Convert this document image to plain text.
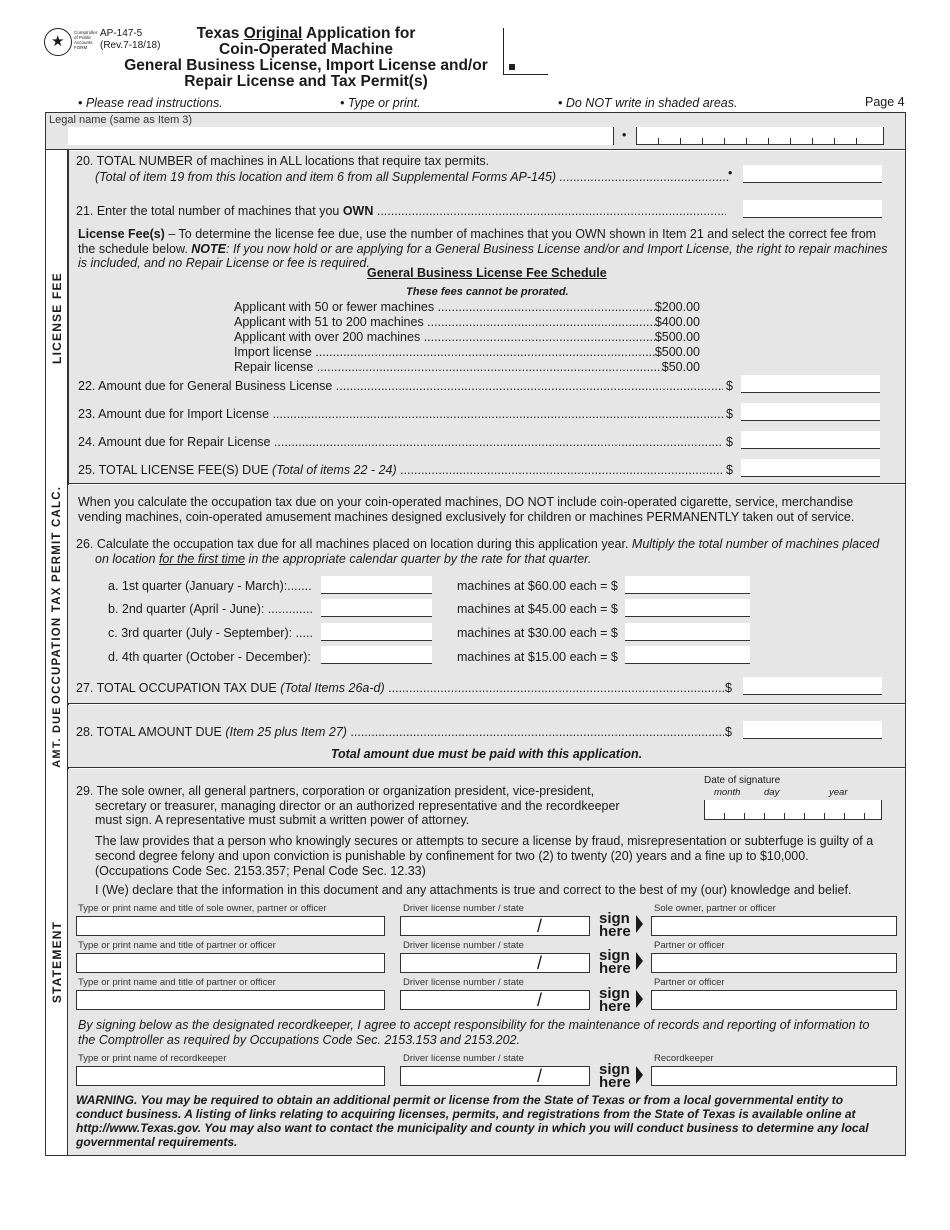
★
Comptroller of Public Accounts FORM
AP-147-5
(Rev.7-18/18)
Texas Original Application for
Coin-Operated Machine
General Business License, Import License and/or
Repair License and Tax Permit(s)
• Please read instructions.	• Type or print.	• Do NOT write in shaded areas.	Page 4
Legal name (same as Item 3)
•
LICENSE FEE
20. TOTAL NUMBER of machines in ALL locations that require tax permits.
(Total of item 19 from this location and item 6 from all Supplemental Forms AP-145) .....	•
21. Enter the total number of machines that you OWN .....
License Fee(s) – To determine the license fee due, use the number of machines that you OWN shown in Item 21 and select the correct fee from the schedule below. NOTE: If you now hold or are applying for a General Business License and/or and Import License, the right to repair machines is included, and no Repair License or fee is required.
General Business License Fee Schedule
These fees cannot be prorated.
Applicant with 50 or fewer machines .....	$200.00
Applicant with 51 to 200 machines .....	$400.00
Applicant with over 200 machines .....	$500.00
Import license .....	$500.00
Repair license .....	$50.00
22. Amount due for General Business License .....	$
23. Amount due for Import License .....	$
24. Amount due for Repair License .....	$
25. TOTAL LICENSE FEE(S) DUE (Total of items 22 - 24) .....	$
OCCUPATION TAX PERMIT CALC. When you calculate the occupation tax due on your coin-operated machines, DO NOT include coin-operated cigarette, service, merchandise vending machines, coin-operated amusement machines designed exclusively for children or machines PERMANENTLY taken out of service.
26. Calculate the occupation tax due for all machines placed on location during this application year. Multiply the total number of machines placed on location for the first time in the appropriate calendar quarter by the rate for that quarter.
a. 1st quarter (January - March):.......	machines at $60.00 each = $
b. 2nd quarter (April - June): .............	machines at $45.00 each = $
c. 3rd quarter (July - September): .....	machines at $30.00 each = $
d. 4th quarter (October - December):	machines at $15.00 each = $
27. TOTAL OCCUPATION TAX DUE (Total Items 26a-d) .....	$
AMT. DUE 28. TOTAL AMOUNT DUE (Item 25 plus Item 27) .....	$
Total amount due must be paid with this application.
STATEMENT
29. The sole owner, all general partners, corporation or organization president, vice-president, secretary or treasurer, managing director or an authorized representative and the recordkeeper must sign. A representative must submit a written power of attorney.
Date of signature
month day	year
The law provides that a person who knowingly secures or attempts to secure a license by fraud, misrepresentation or subterfuge is guilty of a second degree felony and upon conviction is punishable by confinement for two (2) to twenty (20) years and a fine up to $10,000. (Occupations Code Sec. 2153.357; Penal Code Sec. 12.33)
I (We) declare that the information in this document and any attachments is true and correct to the best of my (our) knowledge and belief.
Type or print name and title of sole owner, partner or officer	Driver license number / state
/	sign
here
Sole owner, partner or officer
Type or print name and title of partner or officer	Driver license number / state
/	sign
here
Partner or officer
Type or print name and title of partner or officer	Driver license number / state
/	sign
here
Partner or officer
By signing below as the designated recordkeeper, I agree to accept responsibility for the maintenance of records and reporting of information to the Comptroller as required by Occupations Code Sec. 2153.153 and 2153.202.
Type or print name of recordkeeper	Driver license number / state
/	sign
here
Recordkeeper
WARNING. You may be required to obtain an additional permit or license from the State of Texas or from a local governmental entity to conduct business. A listing of links relating to acquiring licenses, permits, and registrations from the State of Texas is available online at http://www.Texas.gov. You may also want to contact the municipality and county in which you will conduct business to determine any local governmental requirements.
